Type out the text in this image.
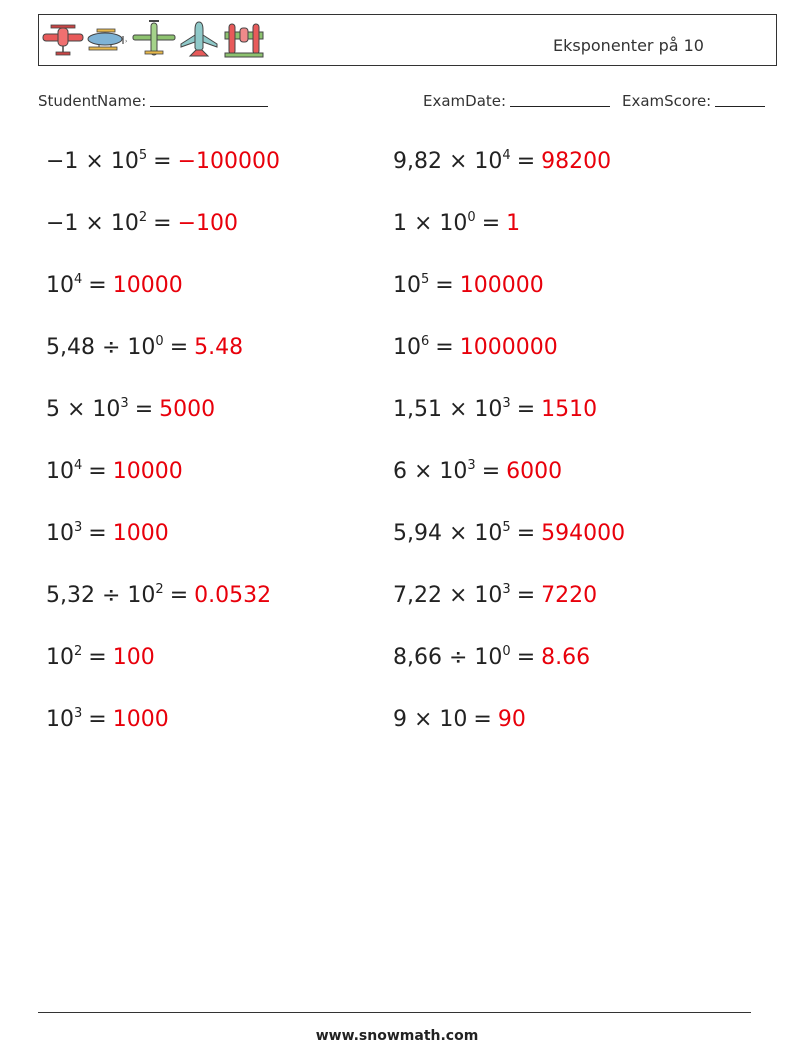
›	Eksponenter på 10
StudentName:	ExamDate:	ExamScore:
$-1 \times 10^5 = -100000$	$9,82 \times 10^4 = 98200$
$-1 \times 10^2 = -100$	$1 \times 10^0 = 1$
$10^4 = 10000$	$10^5 = 100000$
$5,48 \div 10^0 = 5.48$	$10^6 = 1000000$
$5 \times 10^3 = 5000$	$1,51 \times 10^3 = 1510$
$10^4 = 10000$	$6 \times 10^3 = 6000$
$10^3 = 1000$	$5,94 \times 10^5 = 594000$
$5,32 \div 10^2 = 0.0532$	$7,22 \times 10^3 = 7220$
$10^2 = 100$	$8,66 \div 10^0 = 8.66$
$10^3 = 1000$	9 × 10 = 90
www.snowmath.com
